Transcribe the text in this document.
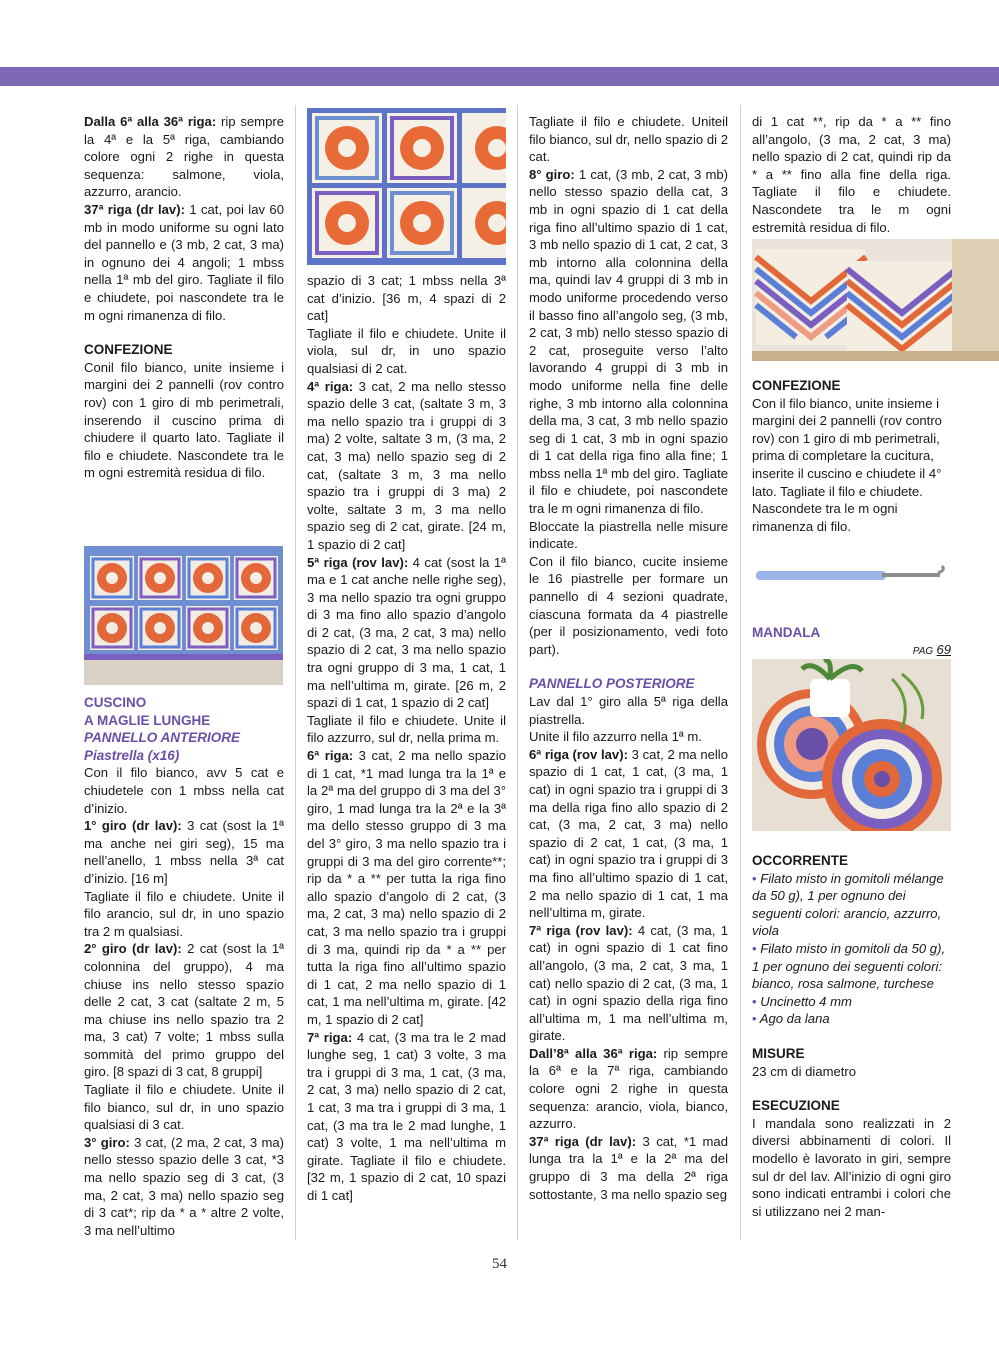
Dalla 6ª alla 36ª riga: rip sempre la 4ª e la 5ª riga, cambiando colore ogni 2 righe in questa sequenza: salmone, viola, azzurro, arancio.

37ª riga (dr lav): 1 cat, poi lav 60 mb in modo uniforme su ogni lato del pannello e (3 mb, 2 cat, 3 ma) in ognuno dei 4 angoli; 1 mbss nella 1ª mb del giro. Tagliate il filo e chiudete, poi nascondete tra le m ogni rimanenza di filo.

CONFEZIONE

Conil filo bianco, unite insieme i margini dei 2 pannelli (rov contro rov) con 1 giro di mb perimetrali, inserendo il cuscino prima di chiudere il quarto lato. Tagliate il filo e chiudete. Nascondete tra le m ogni estremità residua di filo.

CUSCINO

A MAGLIE LUNGHE

PANNELLO ANTERIORE

Piastrella (x16)

Con il filo bianco, avv 5 cat e chiudetele con 1 mbss nella cat d’inizio.

1° giro (dr lav): 3 cat (sost la 1ª ma anche nei giri seg), 15 ma nell’anello, 1 mbss nella 3ª cat d’inizio. [16 m]

Tagliate il filo e chiudete. Unite il filo arancio, sul dr, in uno spazio tra 2 m qualsiasi.

2° giro (dr lav): 2 cat (sost la 1ª colonnina del gruppo), 4 ma chiuse ins nello stesso spazio delle 2 cat, 3 cat (saltate 2 m, 5 ma chiuse ins nello spazio tra 2 ma, 3 cat) 7 volte; 1 mbss sulla sommità del primo gruppo del giro. [8 spazi di 3 cat, 8 gruppi]

Tagliate il filo e chiudete. Unite il filo bianco, sul dr, in uno spazio qualsiasi di 3 cat.

3° giro: 3 cat, (2 ma, 2 cat, 3 ma) nello stesso spazio delle 3 cat, *3 ma nello spazio seg di 3 cat, (3 ma, 2 cat, 3 ma) nello spazio seg di 3 cat*; rip da * a * altre 2 volte, 3 ma nell’ultimo

spazio di 3 cat; 1 mbss nella 3ª cat d’inizio. [36 m, 4 spazi di 2 cat]

Tagliate il filo e chiudete. Unite il viola, sul dr, in uno spazio qualsiasi di 2 cat.

4ª riga: 3 cat, 2 ma nello stesso spazio delle 3 cat, (saltate 3 m, 3 ma nello spazio tra i gruppi di 3 ma) 2 volte, saltate 3 m, (3 ma, 2 cat, 3 ma) nello spazio seg di 2 cat, (saltate 3 m, 3 ma nello spazio tra i gruppi di 3 ma) 2 volte, saltate 3 m, 3 ma nello spazio seg di 2 cat, girate. [24 m, 1 spazio di 2 cat]

5ª riga (rov lav): 4 cat (sost la 1ª ma e 1 cat anche nelle righe seg), 3 ma nello spazio tra ogni gruppo di 3 ma fino allo spazio d’angolo di 2 cat, (3 ma, 2 cat, 3 ma) nello spazio di 2 cat, 3 ma nello spazio tra ogni gruppo di 3 ma, 1 cat, 1 ma nell’ultima m, girate. [26 m, 2 spazi di 1 cat, 1 spazio di 2 cat]

Tagliate il filo e chiudete. Unite il filo azzurro, sul dr, nella prima m.

6ª riga: 3 cat, 2 ma nello spazio di 1 cat, *1 mad lunga tra la 1ª e la 2ª ma del gruppo di 3 ma del 3° giro, 1 mad lunga tra la 2ª e la 3ª ma dello stesso gruppo di 3 ma del 3° giro, 3 ma nello spazio tra i gruppi di 3 ma del giro corrente**; rip da * a ** per tutta la riga fino allo spazio d’angolo di 2 cat, (3 ma, 2 cat, 3 ma) nello spazio di 2 cat, 3 ma nello spazio tra i gruppi di 3 ma, quindi rip da * a ** per tutta la riga fino all’ultimo spazio di 1 cat, 2 ma nello spazio di 1 cat, 1 ma nell’ultima m, girate. [42 m, 1 spazio di 2 cat]

7ª riga: 4 cat, (3 ma tra le 2 mad lunghe seg, 1 cat) 3 volte, 3 ma tra i gruppi di 3 ma, 1 cat, (3 ma, 2 cat, 3 ma) nello spazio di 2 cat, 1 cat, 3 ma tra i gruppi di 3 ma, 1 cat, (3 ma tra le 2 mad lunghe, 1 cat) 3 volte, 1 ma nell’ultima m girate. Tagliate il filo e chiudete. [32 m, 1 spazio di 2 cat, 10 spazi di 1 cat]

Tagliate il filo e chiudete. Uniteil filo bianco, sul dr, nello spazio di 2 cat.

8° giro: 1 cat, (3 mb, 2 cat, 3 mb) nello stesso spazio della cat, 3 mb in ogni spazio di 1 cat della riga fino all’ultimo spazio di 1 cat, 3 mb nello spazio di 1 cat, 2 cat, 3 mb intorno alla colonnina della ma, quindi lav 4 gruppi di 3 mb in modo uniforme procedendo verso il basso fino all’angolo seg, (3 mb, 2 cat, 3 mb) nello stesso spazio di 2 cat, proseguite verso l’alto lavorando 4 gruppi di 3 mb in modo uniforme nella fine delle righe, 3 mb intorno alla colonnina della ma, 3 cat, 3 mb nello spazio seg di 1 cat, 3 mb in ogni spazio di 1 cat della riga fino alla fine; 1 mbss nella 1ª mb del giro. Tagliate il filo e chiudete, poi nascondete tra le m ogni rimanenza di filo.

Bloccate la piastrella nelle misure indicate.

Con il filo bianco, cucite insieme le 16 piastrelle per formare un pannello di 4 sezioni quadrate, ciascuna formata da 4 piastrelle (per il posizionamento, vedi foto part).

PANNELLO POSTERIORE

Lav dal 1° giro alla 5ª riga della piastrella.

Unite il filo azzurro nella 1ª m.

6ª riga (rov lav): 3 cat, 2 ma nello spazio di 1 cat, 1 cat, (3 ma, 1 cat) in ogni spazio tra i gruppi di 3 ma della riga fino allo spazio di 2 cat, (3 ma, 2 cat, 3 ma) nello spazio di 2 cat, 1 cat, (3 ma, 1 cat) in ogni spazio tra i gruppi di 3 ma fino all’ultimo spazio di 1 cat, 2 ma nello spazio di 1 cat, 1 ma nell’ultima m, girate.

7ª riga (rov lav): 4 cat, (3 ma, 1 cat) in ogni spazio di 1 cat fino all’angolo, (3 ma, 2 cat, 3 ma, 1 cat) nello spazio di 2 cat, (3 ma, 1 cat) in ogni spazio della riga fino all’ultima m, 1 ma nell’ultima m, girate.

Dall’8ª alla 36ª riga: rip sempre la 6ª e la 7ª riga, cambiando colore ogni 2 righe in questa sequenza: arancio, viola, bianco, azzurro.

37ª riga (dr lav): 3 cat, *1 mad lunga tra la 1ª e la 2ª ma del gruppo di 3 ma della 2ª riga sottostante, 3 ma nello spazio seg

di 1 cat **, rip da * a ** fino all’angolo, (3 ma, 2 cat, 3 ma) nello spazio di 2 cat, quindi rip da * a ** fino alla fine della riga. Tagliate il filo e chiudete. Nascondete tra le m ogni estremità residua di filo.

CONFEZIONE

Con il filo bianco, unite insieme i margini dei 2 pannelli (rov contro rov) con 1 giro di mb perimetrali, prima di completare la cucitura, inserite il cuscino e chiudete il 4° lato. Tagliate il filo e chiudete. Nascondete tra le m ogni rimanenza di filo.

MANDALA

PAG 69

OCCORRENTE

• Filato misto in gomitoli mélange da 50 g), 1 per ognuno dei seguenti colori: arancio, azzurro, viola

• Filato misto in gomitoli da 50 g), 1 per ognuno dei seguenti colori: bianco, rosa salmone, turchese

• Uncinetto 4 mm

• Ago da lana

MISURE

23 cm di diametro

ESECUZIONE

I mandala sono realizzati in 2 diversi abbinamenti di colori. Il modello è lavorato in giri, sempre sul dr del lav. All’inizio di ogni giro sono indicati entrambi i colori che si utilizzano nei 2 man-

54
